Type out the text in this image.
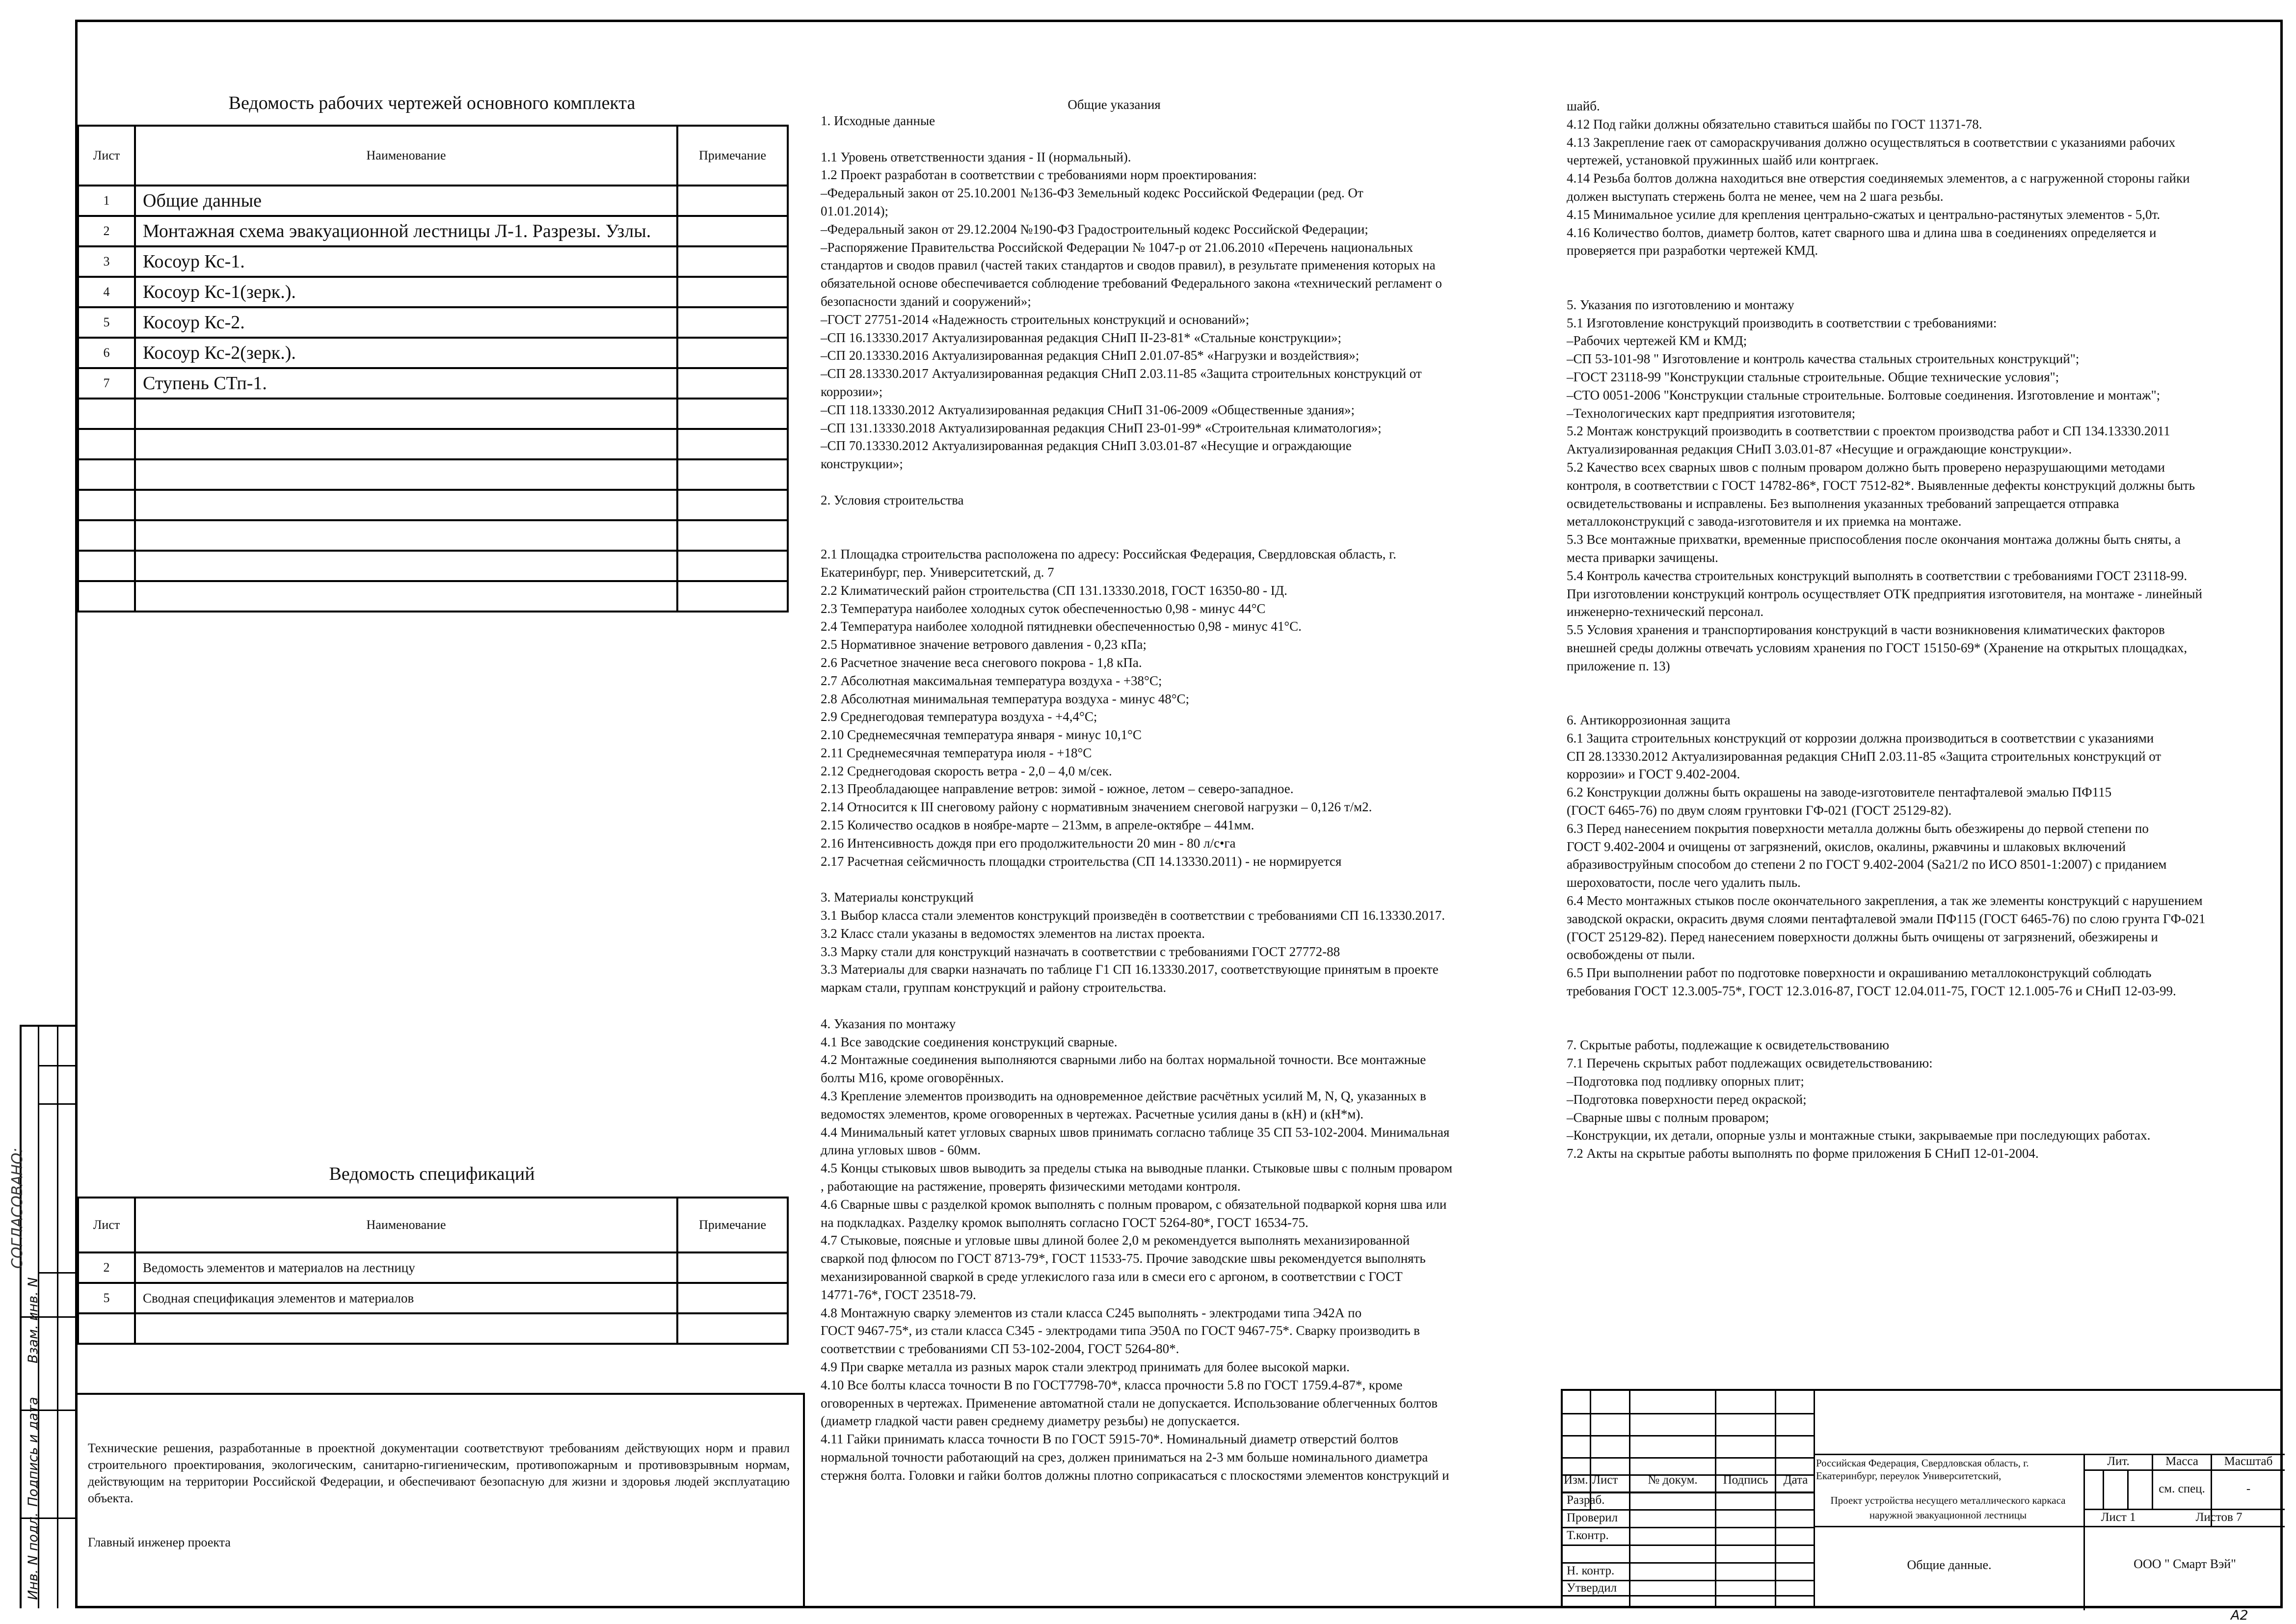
СОГЛАСОВАНО:
Взам. инв. N
Подпись и дата
Инв. N подл.
Ведомость рабочих чертежей основного комплекта
Лист	Наименование	Примечание
1	Общие данные	
2	Монтажная схема эвакуационной лестницы Л-1. Разрезы. Узлы.	
3	Косоур Кс-1.	
4	Косоур Кс-1(зерк.).	
5	Косоур Кс-2.	
6	Косоур Кс-2(зерк.).	
7	Ступень СТп-1.	

Ведомость спецификаций
Лист	Наименование	Примечание
2	Ведомость элементов и материалов на лестницу	
5	Сводная спецификация элементов и материалов	

Технические решения, разработанные в проектной документации соответствуют требованиям действующих норм и правил строительного проектирования, экологическим, санитарно-гигиеническим, противопожарным и противовзрывным нормам, действующим на территории Российской Федерации, и обеспечивают безопасную для жизни и здоровья людей эксплуатацию объекта.
Главный инженер проекта
Общие указания
1. Исходные данные
1.1 Уровень ответственности здания - II (нормальный).
1.2 Проект разработан в соответствии с требованиями норм проектирования:
–Федеральный закон от 25.10.2001 №136-ФЗ Земельный кодекс Российской Федерации (ред. От
01.01.2014);
–Федеральный закон от 29.12.2004 №190-ФЗ Градостроительный кодекс Российской Федерации;
–Распоряжение Правительства Российской Федерации № 1047-р от 21.06.2010 «Перечень национальных
стандартов и сводов правил (частей таких стандартов и сводов правил), в результате применения которых на
обязательной основе обеспечивается соблюдение требований Федерального закона «технический регламент о
безопасности зданий и сооружений»;
–ГОСТ 27751-2014 «Надежность строительных конструкций и оснований»;
–СП 16.13330.2017 Актуализированная редакция СНиП II-23-81* «Стальные конструкции»;
–СП 20.13330.2016 Актуализированная редакция СНиП 2.01.07-85* «Нагрузки и воздействия»;
–СП 28.13330.2017 Актуализированная редакция СНиП 2.03.11-85 «Защита строительных конструкций от
коррозии»;
–СП 118.13330.2012 Актуализированная редакция СНиП 31-06-2009 «Общественные здания»;
–СП 131.13330.2018 Актуализированная редакция СНиП 23-01-99* «Строительная климатология»;
–СП 70.13330.2012 Актуализированная редакция СНиП 3.03.01-87 «Несущие и ограждающие
конструкции»;
2. Условия строительства
2.1 Площадка строительства расположена по адресу: Российская Федерация, Свердловская область, г.
Екатеринбург, пер. Университетский, д. 7
2.2 Климатический район строительства (СП 131.13330.2018, ГОСТ 16350-80 - IД.
2.3 Температура наиболее холодных суток обеспеченностью 0,98 - минус 44°С
2.4 Температура наиболее холодной пятидневки обеспеченностью 0,98 - минус 41°С.
2.5 Нормативное значение ветрового давления - 0,23 кПа;
2.6 Расчетное значение веса снегового покрова - 1,8 кПа.
2.7 Абсолютная максимальная температура воздуха - +38°С;
2.8 Абсолютная минимальная температура воздуха - минус 48°С;
2.9 Среднегодовая температура воздуха - +4,4°С;
2.10 Среднемесячная температура января - минус 10,1°С
2.11 Среднемесячная температура июля - +18°С
2.12 Среднегодовая скорость ветра - 2,0 – 4,0 м/сек.
2.13 Преобладающее направление ветров: зимой - южное, летом – северо-западное.
2.14 Относится к III снеговому району с нормативным значением снеговой нагрузки – 0,126 т/м2.
2.15 Количество осадков в ноябре-марте – 213мм, в апреле-октябре – 441мм.
2.16 Интенсивность дождя при его продолжительности 20 мин - 80 л/с•га
2.17 Расчетная сейсмичность площадки строительства (СП 14.13330.2011) - не нормируется
3. Материалы конструкций
3.1 Выбор класса стали элементов конструкций произведён в соответствии с требованиями СП 16.13330.2017.
3.2 Класс стали указаны в ведомостях элементов на листах проекта.
3.3 Марку стали для конструкций назначать в соответствии с требованиями ГОСТ 27772-88
3.3 Материалы для сварки назначать по таблице Г1 СП 16.13330.2017, соответствующие принятым в проекте
маркам стали, группам конструкций и району строительства.
4. Указания по монтажу
4.1 Все заводские соединения конструкций сварные.
4.2 Монтажные соединения выполняются сварными либо на болтах нормальной точности. Все монтажные
болты М16, кроме оговорённых.
4.3 Крепление элементов производить на одновременное действие расчётных усилий M, N, Q, указанных в
ведомостях элементов, кроме оговоренных в чертежах. Расчетные усилия даны в (кН) и (кН*м).
4.4 Минимальный катет угловых сварных швов принимать согласно таблице 35 СП 53-102-2004. Минимальная
длина угловых швов - 60мм.
4.5 Концы стыковых швов выводить за пределы стыка на выводные планки. Стыковые швы с полным проваром
, работающие на растяжение, проверять физическими методами контроля.
4.6 Сварные швы с разделкой кромок выполнять с полным проваром, с обязательной подваркой корня шва или
на подкладках. Разделку кромок выполнять согласно ГОСТ 5264-80*, ГОСТ 16534-75.
4.7 Стыковые, поясные и угловые швы длиной более 2,0 м рекомендуется выполнять механизированной
сваркой под флюсом по ГОСТ 8713-79*, ГОСТ 11533-75. Прочие заводские швы рекомендуется выполнять
механизированной сваркой в среде углекислого газа или в смеси его с аргоном, в соответствии с ГОСТ
14771-76*, ГОСТ 23518-79.
4.8 Монтажную сварку элементов из стали класса С245 выполнять - электродами типа Э42А по
ГОСТ 9467-75*, из стали класса С345 - электродами типа Э50А по ГОСТ 9467-75*. Сварку производить в
соответствии с требованиями СП 53-102-2004, ГОСТ 5264-80*.
4.9 При сварке металла из разных марок стали электрод принимать для более высокой марки.
4.10 Все болты класса точности В по ГОСТ7798-70*, класса прочности 5.8 по ГОСТ 1759.4-87*, кроме
оговоренных в чертежах. Применение автоматной стали не допускается. Использование облегченных болтов
(диаметр гладкой части равен среднему диаметру резьбы) не допускается.
4.11 Гайки принимать класса точности В по ГОСТ 5915-70*. Номинальный диаметр отверстий болтов
нормальной точности работающий на срез, должен приниматься на 2-3 мм больше номинального диаметра
стержня болта. Головки и гайки болтов должны плотно соприкасаться с плоскостями элементов конструкций и
шайб.
4.12 Под гайки должны обязательно ставиться шайбы по ГОСТ 11371-78.
4.13 Закрепление гаек от самораскручивания должно осуществляться в соответствии с указаниями рабочих
чертежей, установкой пружинных шайб или контргаек.
4.14 Резьба болтов должна находиться вне отверстия соединяемых элементов, а с нагруженной стороны гайки
должен выступать стержень болта не менее, чем на 2 шага резьбы.
4.15 Минимальное усилие для крепления центрально-сжатых и центрально-растянутых элементов - 5,0т.
4.16 Количество болтов, диаметр болтов, катет сварного шва и длина шва в соединениях определяется и
проверяется при разработки чертежей КМД.
5. Указания по изготовлению и монтажу
5.1 Изготовление конструкций производить в соответствии с требованиями:
–Рабочих чертежей КМ и КМД;
–СП 53-101-98 " Изготовление и контроль качества стальных строительных конструкций";
–ГОСТ 23118-99 "Конструкции стальные строительные. Общие технические условия";
–СТО 0051-2006 "Конструкции стальные строительные. Болтовые соединения. Изготовление и монтаж";
–Технологических карт предприятия изготовителя;
5.2 Монтаж конструкций производить в соответствии с проектом производства работ и СП 134.13330.2011
Актуализированная редакция СНиП 3.03.01-87 «Несущие и ограждающие конструкции».
5.2 Качество всех сварных швов с полным проваром должно быть проверено неразрушающими методами
контроля, в соответствии с ГОСТ 14782-86*, ГОСТ 7512-82*. Выявленные дефекты конструкций должны быть
освидетельствованы и исправлены. Без выполнения указанных требований запрещается отправка
металлоконструкций с завода-изготовителя и их приемка на монтаже.
5.3 Все монтажные прихватки, временные приспособления после окончания монтажа должны быть сняты, а
места приварки зачищены.
5.4 Контроль качества строительных конструкций выполнять в соответствии с требованиями ГОСТ 23118-99.
При изготовлении конструкций контроль осуществляет ОТК предприятия изготовителя, на монтаже - линейный
инженерно-технический персонал.
5.5 Условия хранения и транспортирования конструкций в части возникновения климатических факторов
внешней среды должны отвечать условиям хранения по ГОСТ 15150-69* (Хранение на открытых площадках,
приложение п. 13)
6. Антикоррозионная защита
6.1 Защита строительных конструкций от коррозии должна производиться в соответствии с указаниями
СП 28.13330.2012 Актуализированная редакция СНиП 2.03.11-85 «Защита строительных конструкций от
коррозии» и ГОСТ 9.402-2004.
6.2 Конструкции должны быть окрашены на заводе-изготовителе пентафталевой эмалью ПФ115
(ГОСТ 6465-76) по двум слоям грунтовки ГФ-021 (ГОСТ 25129-82).
6.3 Перед нанесением покрытия поверхности металла должны быть обезжирены до первой степени по
ГОСТ 9.402-2004 и очищены от загрязнений, окислов, окалины, ржавчины и шлаковых включений
абразивоструйным способом до степени 2 по ГОСТ 9.402-2004 (Sa21/2 по ИСО 8501-1:2007) с приданием
шероховатости, после чего удалить пыль.
6.4 Место монтажных стыков после окончательного закрепления, а так же элементы конструкций с нарушением
заводской окраски, окрасить двумя слоями пентафталевой эмали ПФ115 (ГОСТ 6465-76) по слою грунта ГФ-021
(ГОСТ 25129-82). Перед нанесением поверхности должны быть очищены от загрязнений, обезжирены и
освобождены от пыли.
6.5 При выполнении работ по подготовке поверхности и окрашиванию металлоконструкций соблюдать
требования ГОСТ 12.3.005-75*, ГОСТ 12.3.016-87, ГОСТ 12.04.011-75, ГОСТ 12.1.005-76 и СНиП 12-03-99.
7. Скрытые работы, подлежащие к освидетельствованию
7.1 Перечень скрытых работ подлежащих освидетельствованию:
–Подготовка под подливку опорных плит;
–Подготовка поверхности перед окраской;
–Сварные швы с полным проваром;
–Конструкции, их детали, опорные узлы и монтажные стыки, закрываемые при последующих работах.
7.2 Акты на скрытые работы выполнять по форме приложения Б СНиП 12-01-2004.
Изм. Лист	№ докум.	Подпись	Дата
Разраб.
Проверил
Т.контр.
Н. контр.
Утвердил
Российская Федерация, Свердловская область, г. Екатеринбург, переулок Университетский,
Проект устройства несущего металлического каркаса наружной эвакуационной лестницы
Общие данные.
Лит.	Масса	Масштаб
см. спец.	-
Лист 1	Листов 7
ООО " Смарт Вэй"
А2
